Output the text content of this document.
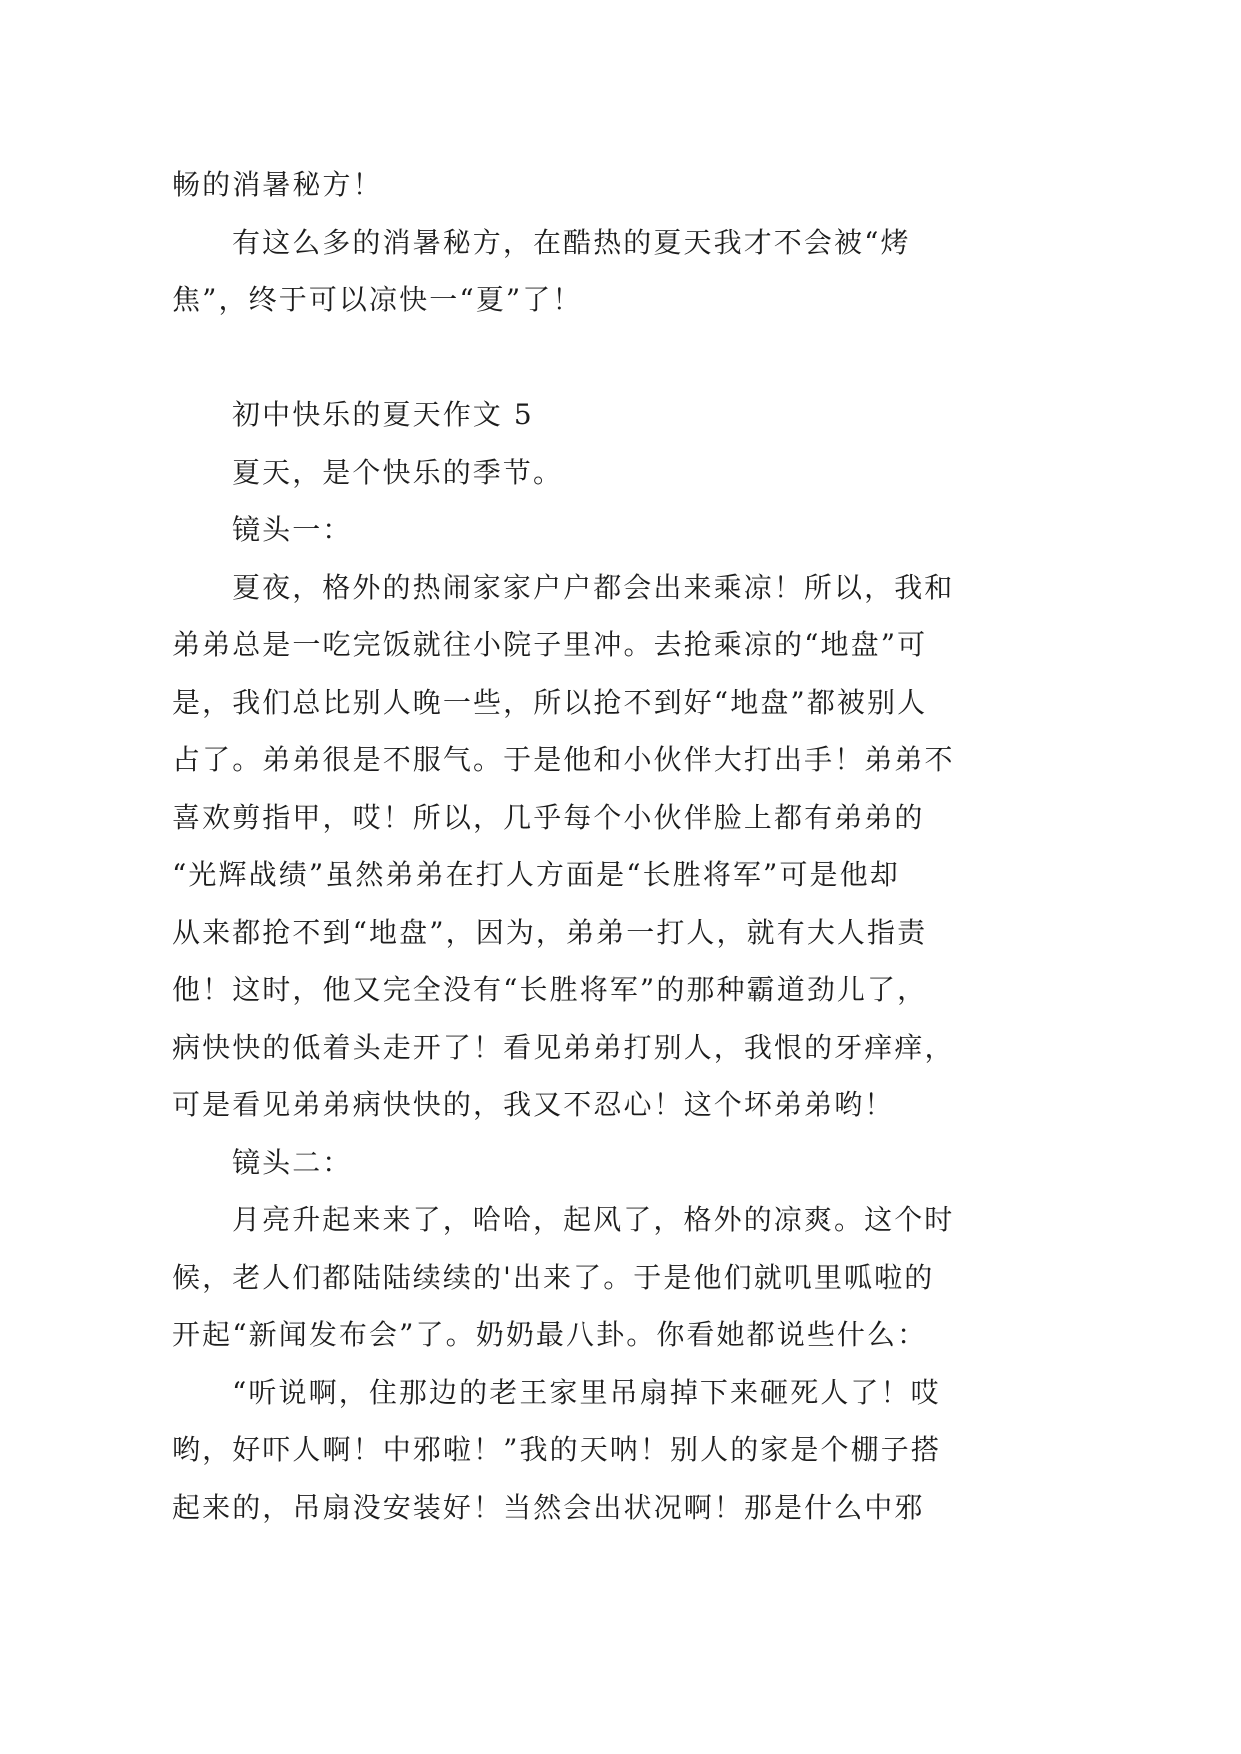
畅的消暑秘方！
有这么多的消暑秘方，在酷热的夏天我才不会被“烤
焦”，终于可以凉快一“夏”了！
初中快乐的夏天作文 5
夏天，是个快乐的季节。
镜头一：
夏夜，格外的热闹家家户户都会出来乘凉！所以，我和
弟弟总是一吃完饭就往小院子里冲。去抢乘凉的“地盘”可
是，我们总比别人晚一些，所以抢不到好“地盘”都被别人
占了。弟弟很是不服气。于是他和小伙伴大打出手！弟弟不
喜欢剪指甲，哎！所以，几乎每个小伙伴脸上都有弟弟的
“光辉战绩”虽然弟弟在打人方面是“长胜将军”可是他却
从来都抢不到“地盘”，因为，弟弟一打人，就有大人指责
他！这时，他又完全没有“长胜将军”的那种霸道劲儿了，
病快快的低着头走开了！看见弟弟打别人，我恨的牙痒痒，
可是看见弟弟病快快的，我又不忍心！这个坏弟弟哟！
镜头二：
月亮升起来来了，哈哈，起风了，格外的凉爽。这个时
候，老人们都陆陆续续的'出来了。于是他们就叽里呱啦的
开起“新闻发布会”了。奶奶最八卦。你看她都说些什么：
“听说啊，住那边的老王家里吊扇掉下来砸死人了！哎
哟，好吓人啊！中邪啦！”我的天呐！别人的家是个棚子搭
起来的，吊扇没安装好！当然会出状况啊！那是什么中邪
